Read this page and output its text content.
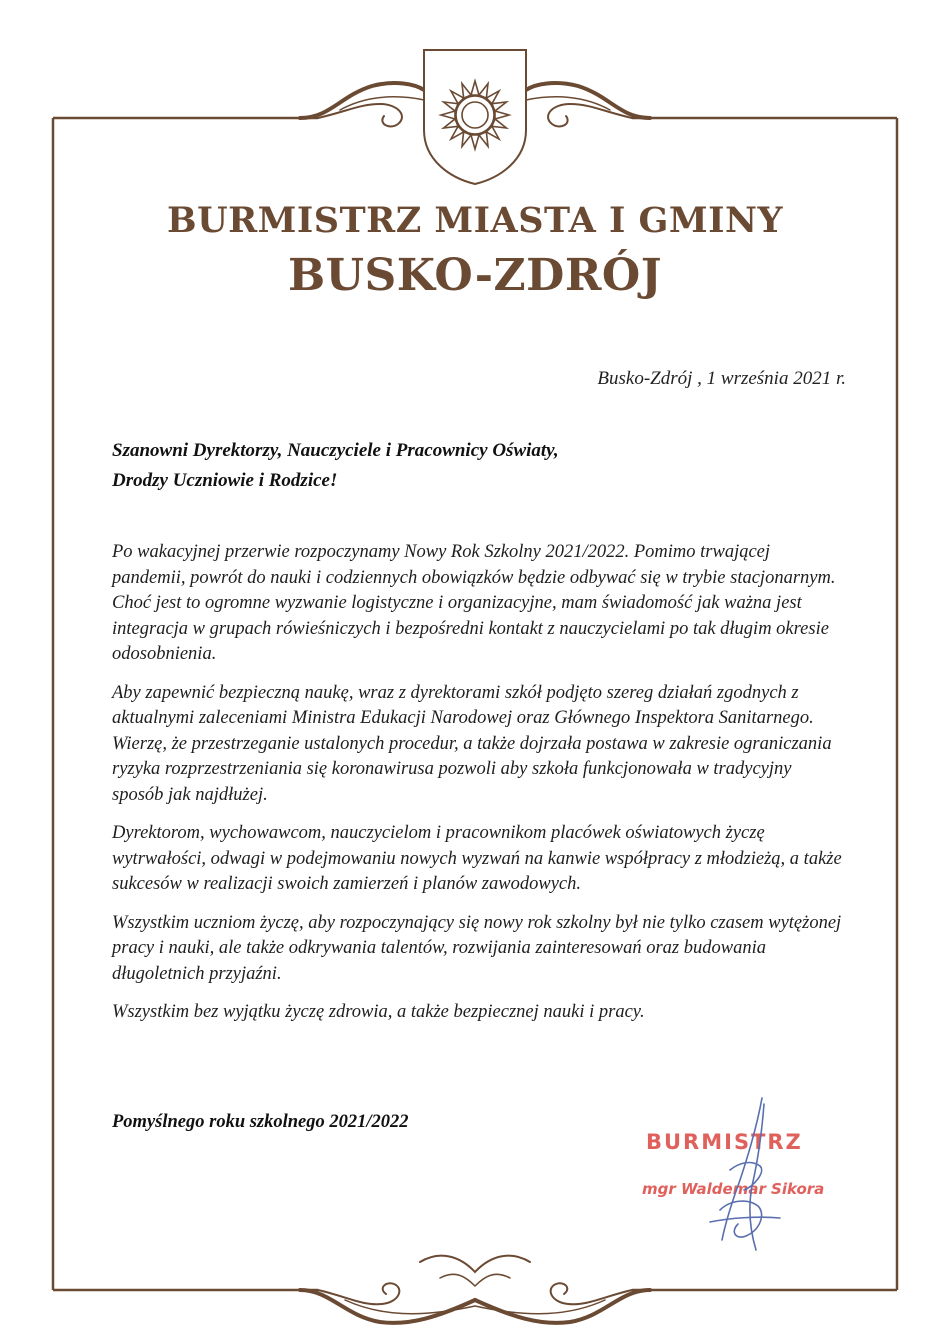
BURMISTRZ MIASTA I GMINY
BUSKO-ZDRÓJ
Busko-Zdrój , 1 września 2021 r.
Szanowni Dyrektorzy, Nauczyciele i Pracownicy Oświaty,
Drodzy Uczniowie i Rodzice!

Po wakacyjnej przerwie rozpoczynamy Nowy Rok Szkolny 2021/2022. Pomimo trwającej pandemii, powrót do nauki i codziennych obowiązków będzie odbywać się w trybie stacjonarnym. Choć jest to ogromne wyzwanie logistyczne i organizacyjne, mam świadomość jak ważna jest integracja w grupach rówieśniczych i bezpośredni kontakt z nauczycielami po tak długim okresie odosobnienia.

Aby zapewnić bezpieczną naukę, wraz z dyrektorami szkół podjęto szereg działań zgodnych z aktualnymi zaleceniami Ministra Edukacji Narodowej oraz Głównego Inspektora Sanitarnego. Wierzę, że przestrzeganie ustalonych procedur, a także dojrzała postawa w zakresie ograniczania ryzyka rozprzestrzeniania się koronawirusa pozwoli aby szkoła funkcjonowała w tradycyjny sposób jak najdłużej.

Dyrektorom, wychowawcom, nauczycielom i pracownikom placówek oświatowych życzę wytrwałości, odwagi w podejmowaniu nowych wyzwań na kanwie współpracy z młodzieżą, a także sukcesów w realizacji swoich zamierzeń i planów zawodowych.

Wszystkim uczniom życzę, aby rozpoczynający się nowy rok szkolny był nie tylko czasem wytężonej pracy i nauki, ale także odkrywania talentów, rozwijania zainteresowań oraz budowania długoletnich przyjaźni.

Wszystkim bez wyjątku życzę zdrowia, a także bezpiecznej nauki i pracy.

Pomyślnego roku szkolnego 2021/2022
BURMISTRZ
mgr Waldemar Sikora
